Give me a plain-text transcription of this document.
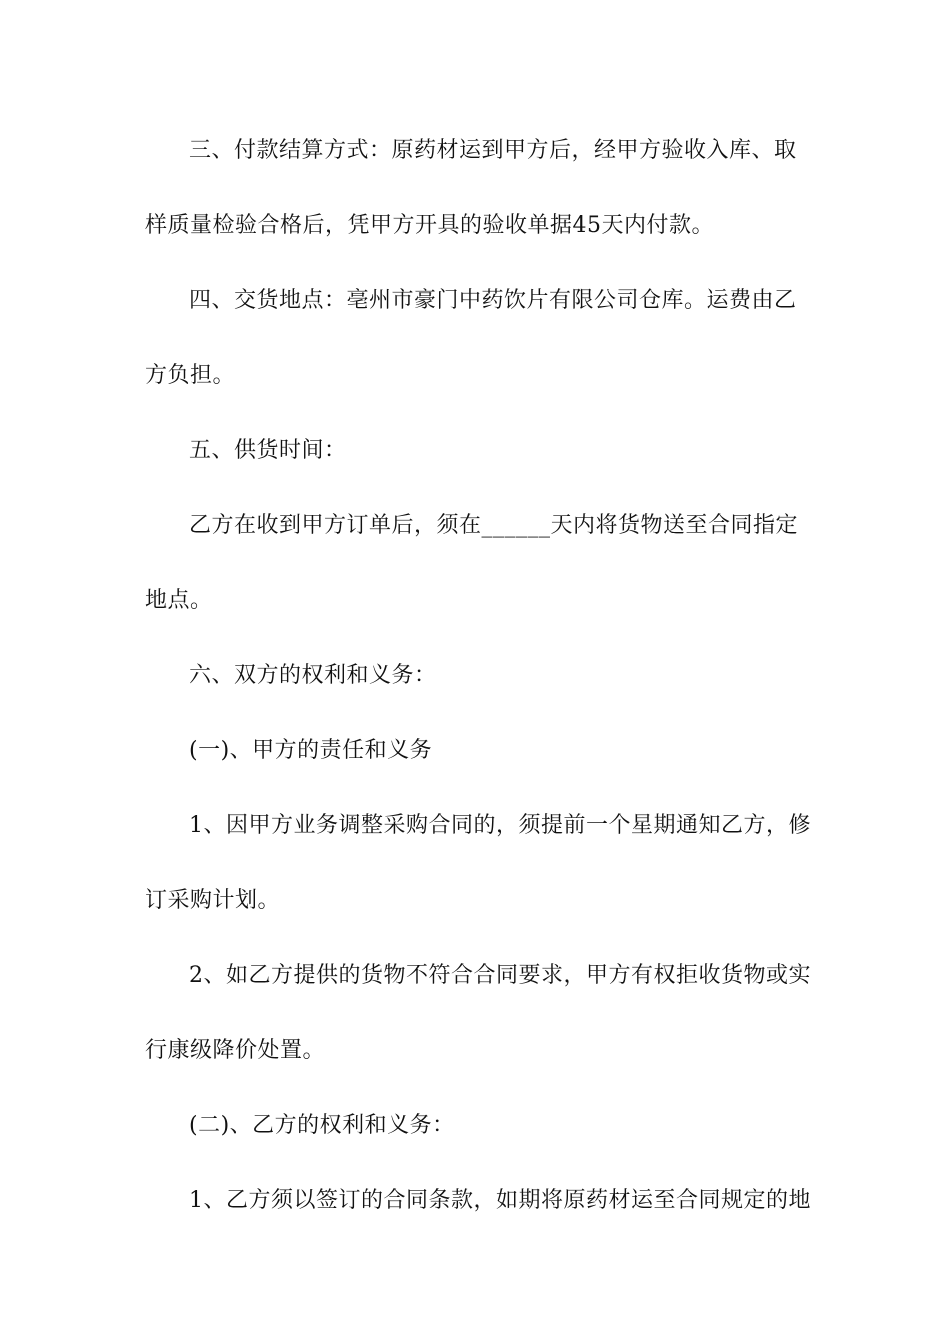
三、付款结算方式：原药材运到甲方后，经甲方验收入库、取
样质量检验合格后，凭甲方开具的验收单据45天内付款。
四、交货地点：亳州市豪门中药饮片有限公司仓库。运费由乙
方负担。
五、供货时间：
乙方在收到甲方订单后，须在______天内将货物送至合同指定
地点。
六、双方的权利和义务：
(一)、甲方的责任和义务
1、因甲方业务调整采购合同的，须提前一个星期通知乙方，修
订采购计划。
2、如乙方提供的货物不符合合同要求，甲方有权拒收货物或实
行康级降价处置。
(二)、乙方的权利和义务：
1、乙方须以签订的合同条款，如期将原药材运至合同规定的地
